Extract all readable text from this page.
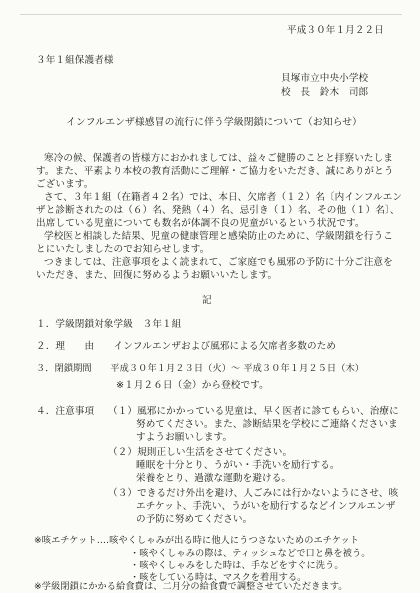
平成３０年１月２２日
３年１組保護者様
貝塚市立中央小学校
校　長　鈴木　司郎
インフルエンザ様感冒の流行に伴う学級閉鎖について（お知らせ）
寒冷の候、保護者の皆様方におかれましては、益々ご健勝のことと拝察いたしま
す。また、平素より本校の教育活動にご理解・ご協力をいただき、誠にありがとう
ございます。
さて、３年１組（在籍者４２名）では、本日、欠席者（１２）名〔内インフルエン
ザと診断されたのは（６）名、発熱（４）名、忌引き（１）名、その他（１）名〕、
出席している児童についても数名が体調不良の児童がいるという状況です。
学校医と相談した結果、児童の健康管理と感染防止のために、学級閉鎖を行うこ
とにいたしましたのでお知らせします。
つきましては、注意事項をよく読まれて、ご家庭でも風邪の予防に十分ご注意を
いただき、また、回復に努めるようお願いいたします。
記
１．学級閉鎖対象学級　３年１組
２．理　　由　　インフルエンザおよび風邪による欠席者多数のため
３．閉鎖期間　　平成３０年１月２３日（火）～ 平成３０年１月２５日（木）
※１月２６日（金）から登校です。
４．注意事項 （１）風邪にかかっている児童は、早く医者に診てもらい、治療に
努めてください。また、診断結果を学校にご連絡くださいま
すようお願いします。
（２）規則正しい生活をさせてください。
睡眠を十分とり、うがい・手洗いを励行する。
栄養をとり、過激な運動を避ける。
（３）できるだけ外出を避け、人ごみには行かないようにさせ、咳
エチケット、手洗い、うがいを励行するなどインフルエンザ
の予防に努めてください。
※咳エチケット‥‥咳やくしゃみが出る時に他人にうつさないためのエチケット
・咳やくしゃみの際は、ティッシュなどで口と鼻を被う。
・咳やくしゃみをした時は、手などをすぐに洗う。
・咳をしている時は、マスクを着用する。
※学級閉鎖にかかる給食費は、二月分の給食費で調整させていただきます。
